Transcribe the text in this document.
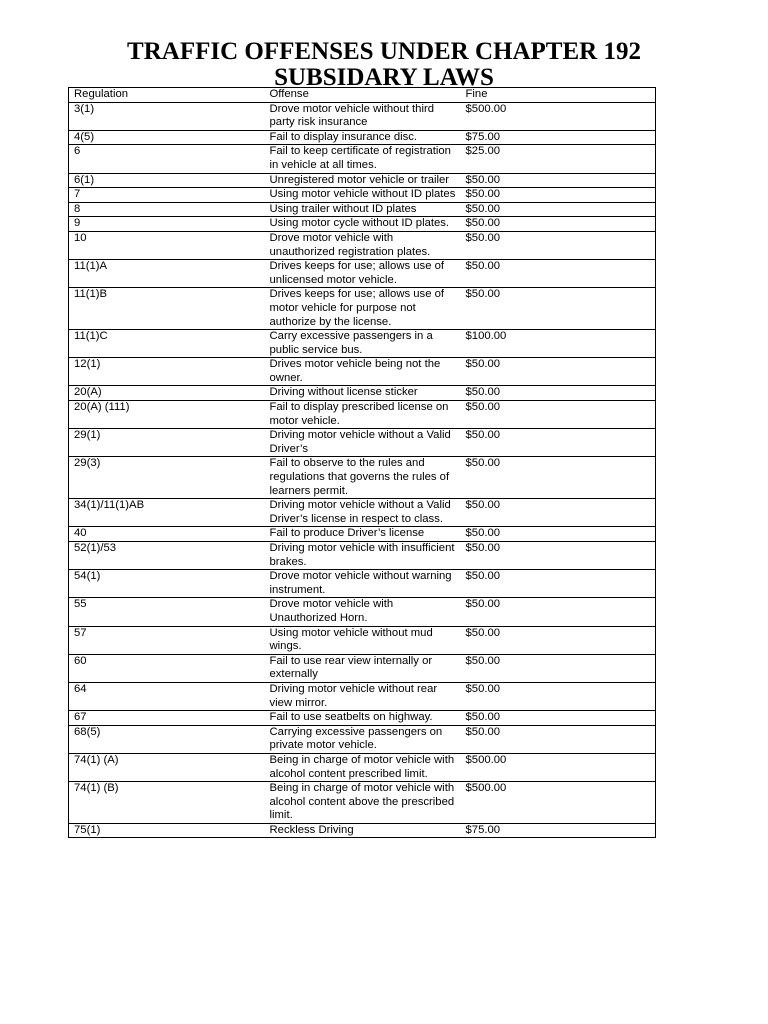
TRAFFIC OFFENSES UNDER CHAPTER 192
SUBSIDARY LAWS
Regulation	Offense	Fine
3(1)	Drove motor vehicle without third party risk insurance	$500.00
4(5)	Fail to display insurance disc.	$75.00
6	Fail to keep certificate of registration in vehicle at all times.	$25.00
6(1)	Unregistered motor vehicle or trailer	$50.00
7	Using motor vehicle without ID plates	$50.00
8	Using trailer without ID plates	$50.00
9	Using motor cycle without ID plates.	$50.00
10	Drove motor vehicle with unauthorized registration plates.	$50.00
11(1)A	Drives keeps for use; allows use of unlicensed motor vehicle.	$50.00
11(1)B	Drives keeps for use; allows use of motor vehicle for purpose not authorize by the license.	$50.00
11(1)C	Carry excessive passengers in a public service bus.	$100.00
12(1)	Drives motor vehicle being not the owner.	$50.00
20(A)	Driving without license sticker	$50.00
20(A) (111)	Fail to display prescribed license on motor vehicle.	$50.00
29(1)	Driving motor vehicle without a Valid Driver’s	$50.00
29(3)	Fail to observe to the rules and regulations that governs the rules of learners permit.	$50.00
34(1)/11(1)AB	Driving motor vehicle without a Valid Driver’s license in respect to class.	$50.00
40	Fail to produce Driver’s license	$50.00
52(1)/53	Driving motor vehicle with insufficient brakes.	$50.00
54(1)	Drove motor vehicle without warning instrument.	$50.00
55	Drove motor vehicle with Unauthorized Horn.	$50.00
57	Using motor vehicle without mud wings.	$50.00
60	Fail to use rear view internally or externally	$50.00
64	Driving motor vehicle without rear view mirror.	$50.00
67	Fail to use seatbelts on highway.	$50.00
68(5)	Carrying excessive passengers on private motor vehicle.	$50.00
74(1) (A)	Being in charge of motor vehicle with alcohol content prescribed limit.	$500.00
74(1) (B)	Being in charge of motor vehicle with alcohol content above the prescribed limit.	$500.00
75(1)	Reckless Driving	$75.00
